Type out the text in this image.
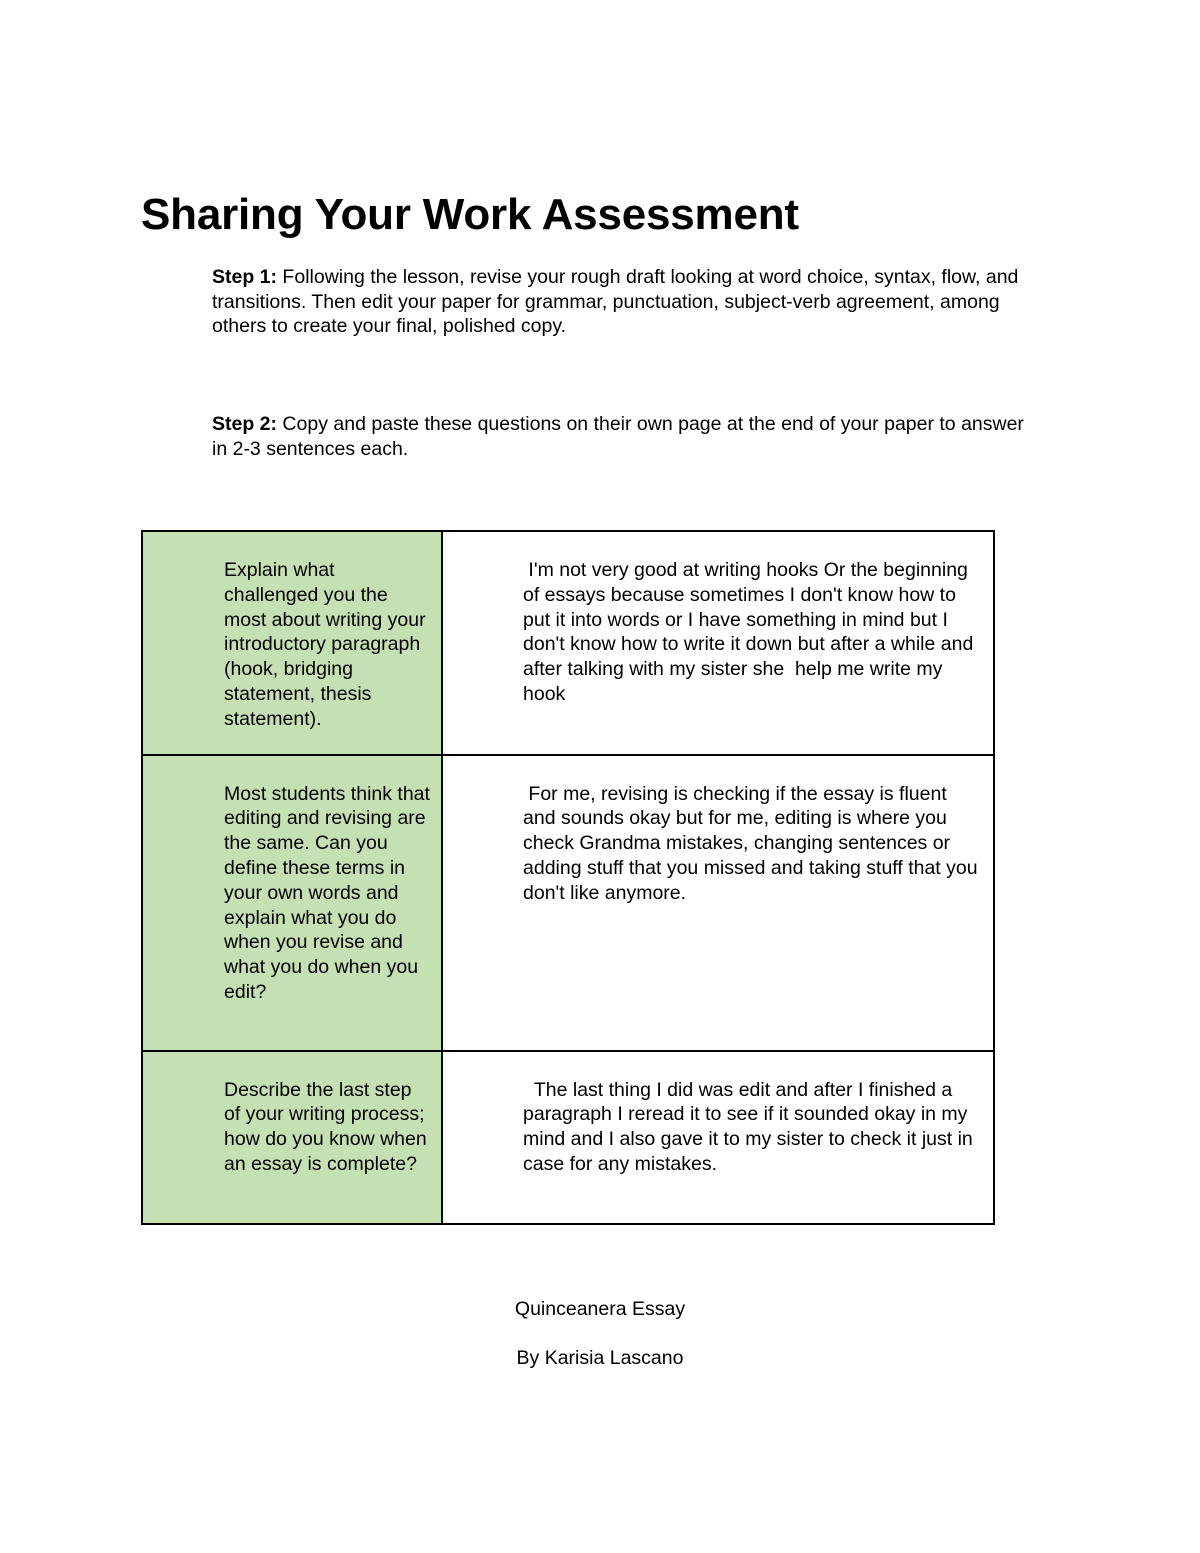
Sharing Your Work Assessment

Step 1: Following the lesson, revise your rough draft looking at word choice, syntax, flow, and transitions. Then edit your paper for grammar, punctuation, subject-verb agreement, among others to create your final, polished copy.

Step 2: Copy and paste these questions on their own page at the end of your paper to answer in 2-3 sentences each.

Explain what challenged you the most about writing your introductory paragraph (hook, bridging statement, thesis statement).	I'm not very good at writing hooks Or the beginning of essays because sometimes I don't know how to put it into words or I have something in mind but I don't know how to write it down but after a while and after talking with my sister she  help me write my hook
Most students think that editing and revising are the same. Can you define these terms in your own words and explain what you do when you revise and what you do when you edit?	For me, revising is checking if the essay is fluent and sounds okay but for me, editing is where you check Grandma mistakes, changing sentences or adding stuff that you missed and taking stuff that you don't like anymore.
Describe the last step of your writing process; how do you know when an essay is complete?	The last thing I did was edit and after I finished a paragraph I reread it to see if it sounded okay in my mind and I also gave it to my sister to check it just in case for any mistakes.

Quinceanera Essay

By Karisia Lascano
